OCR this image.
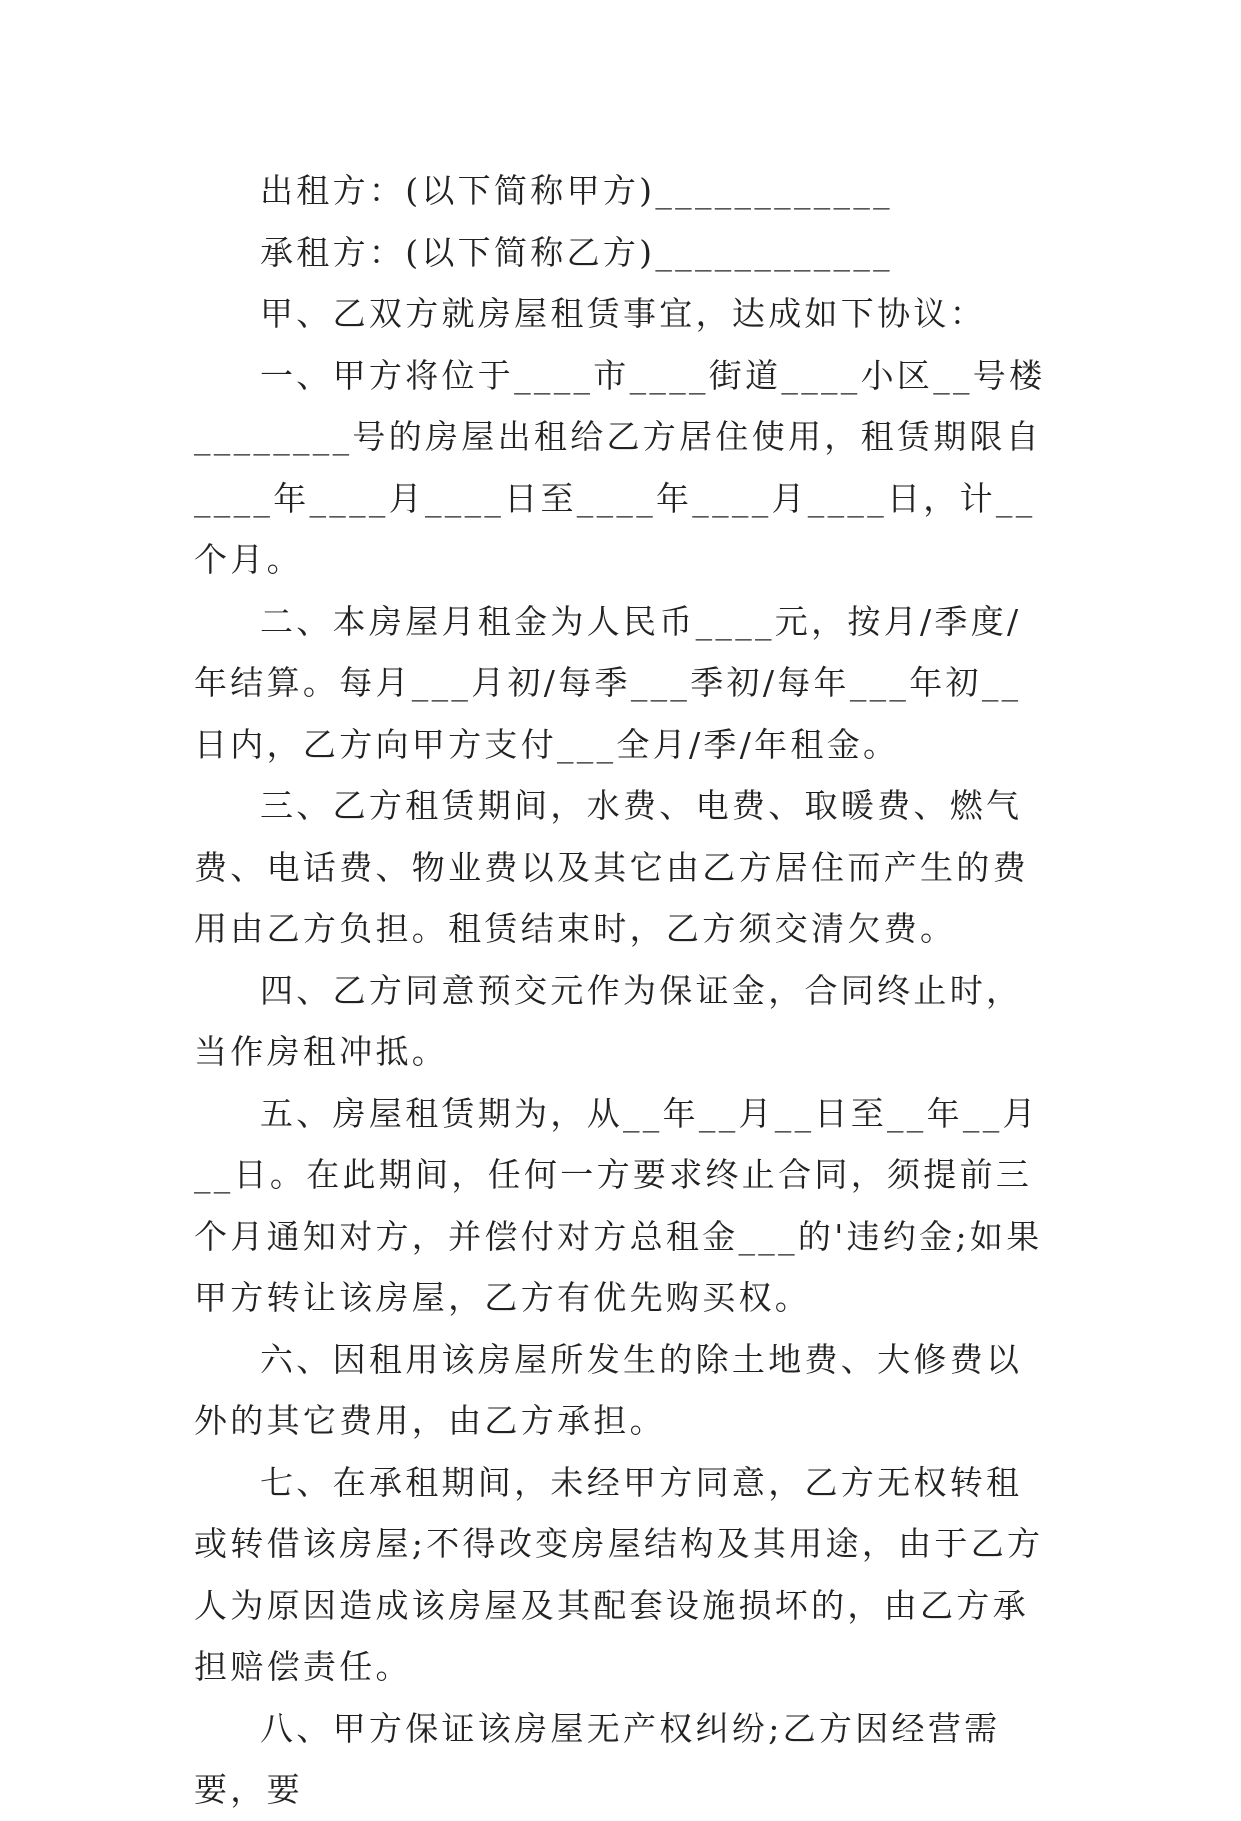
出租方：(以下简称甲方)____________

承租方：(以下简称乙方)____________

甲、乙双方就房屋租赁事宜，达成如下协议：

一、甲方将位于____市____街道____小区__号楼________号的房屋出租给乙方居住使用，租赁期限自____年____月____日至____年____月____日，计__个月。

二、本房屋月租金为人民币____元，按月/季度/年结算。每月___月初/每季___季初/每年___年初__日内，乙方向甲方支付___全月/季/年租金。

三、乙方租赁期间，水费、电费、取暖费、燃气费、电话费、物业费以及其它由乙方居住而产生的费用由乙方负担。租赁结束时，乙方须交清欠费。

四、乙方同意预交元作为保证金，合同终止时，当作房租冲抵。

五、房屋租赁期为，从__年__月__日至__年__月__日。在此期间，任何一方要求终止合同，须提前三个月通知对方，并偿付对方总租金___的'违约金;如果甲方转让该房屋，乙方有优先购买权。

六、因租用该房屋所发生的除土地费、大修费以外的其它费用，由乙方承担。

七、在承租期间，未经甲方同意，乙方无权转租或转借该房屋;不得改变房屋结构及其用途，由于乙方人为原因造成该房屋及其配套设施损坏的，由乙方承担赔偿责任。

八、甲方保证该房屋无产权纠纷;乙方因经营需要，要
